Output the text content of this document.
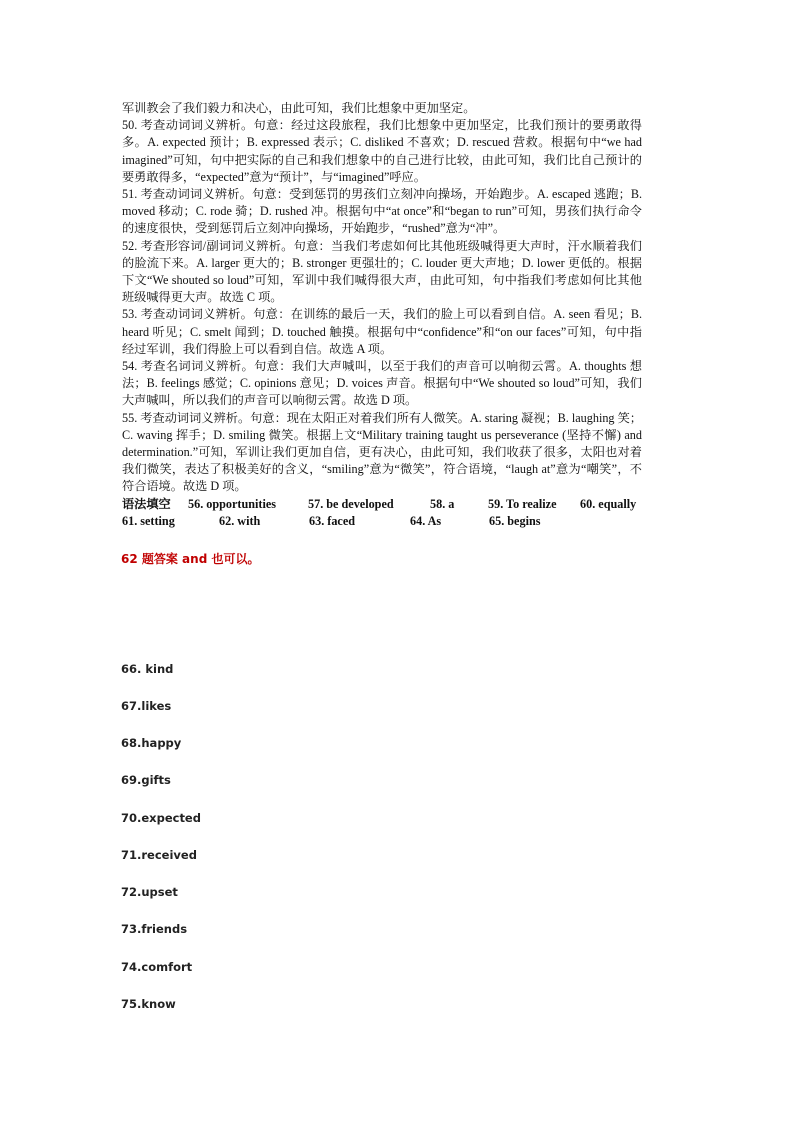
军训教会了我们毅力和决心，由此可知，我们比想象中更加坚定。

50. 考查动词词义辨析。句意：经过这段旅程，我们比想象中更加坚定，比我们预计的要勇敢得多。A. expected 预计；B. expressed 表示；C. disliked 不喜欢；D. rescued 营救。根据句中“we had imagined”可知，句中把实际的自己和我们想象中的自己进行比较，由此可知，我们比自己预计的要勇敢得多，“expected”意为“预计”，与“imagined”呼应。

51. 考查动词词义辨析。句意：受到惩罚的男孩们立刻冲向操场，开始跑步。A. escaped 逃跑；B. moved 移动；C. rode 骑；D. rushed 冲。根据句中“at once”和“began to run”可知，男孩们执行命令的速度很快，受到惩罚后立刻冲向操场，开始跑步，“rushed”意为“冲”。

52. 考查形容词/副词词义辨析。句意：当我们考虑如何比其他班级喊得更大声时，汗水顺着我们的脸流下来。A. larger 更大的；B. stronger 更强壮的；C. louder 更大声地；D. lower 更低的。根据下文“We shouted so loud”可知，军训中我们喊得很大声，由此可知，句中指我们考虑如何比其他班级喊得更大声。故选 C 项。

53. 考查动词词义辨析。句意：在训练的最后一天，我们的脸上可以看到自信。A. seen 看见；B. heard 听见；C. smelt 闻到；D. touched 触摸。根据句中“confidence”和“on our faces”可知，句中指经过军训，我们得脸上可以看到自信。故选 A 项。

54. 考查名词词义辨析。句意：我们大声喊叫，以至于我们的声音可以响彻云霄。A. thoughts 想法；B. feelings 感觉；C. opinions 意见；D. voices 声音。根据句中“We shouted so loud”可知，我们大声喊叫，所以我们的声音可以响彻云霄。故选 D 项。

55. 考查动词词义辨析。句意：现在太阳正对着我们所有人微笑。A. staring 凝视；B. laughing 笑；C. waving 挥手；D. smiling 微笑。根据上文“Military training taught us perseverance (坚持不懈) and determination.”可知，军训让我们更加自信，更有决心，由此可知，我们收获了很多，太阳也对着我们微笑，表达了积极美好的含义，“smiling”意为“微笑”，符合语境，“laugh at”意为“嘲笑”，不符合语境。故选 D 项。

语法填空	56. opportunities	57. be developed	58. a	59. To realize	60. equally
61. setting	62. with	63. faced	64. As	65. begins
62 题答案 and 也可以。
66. kind
67.likes
68.happy
69.gifts
70.expected
71.received
72.upset
73.friends
74.comfort
75.know
